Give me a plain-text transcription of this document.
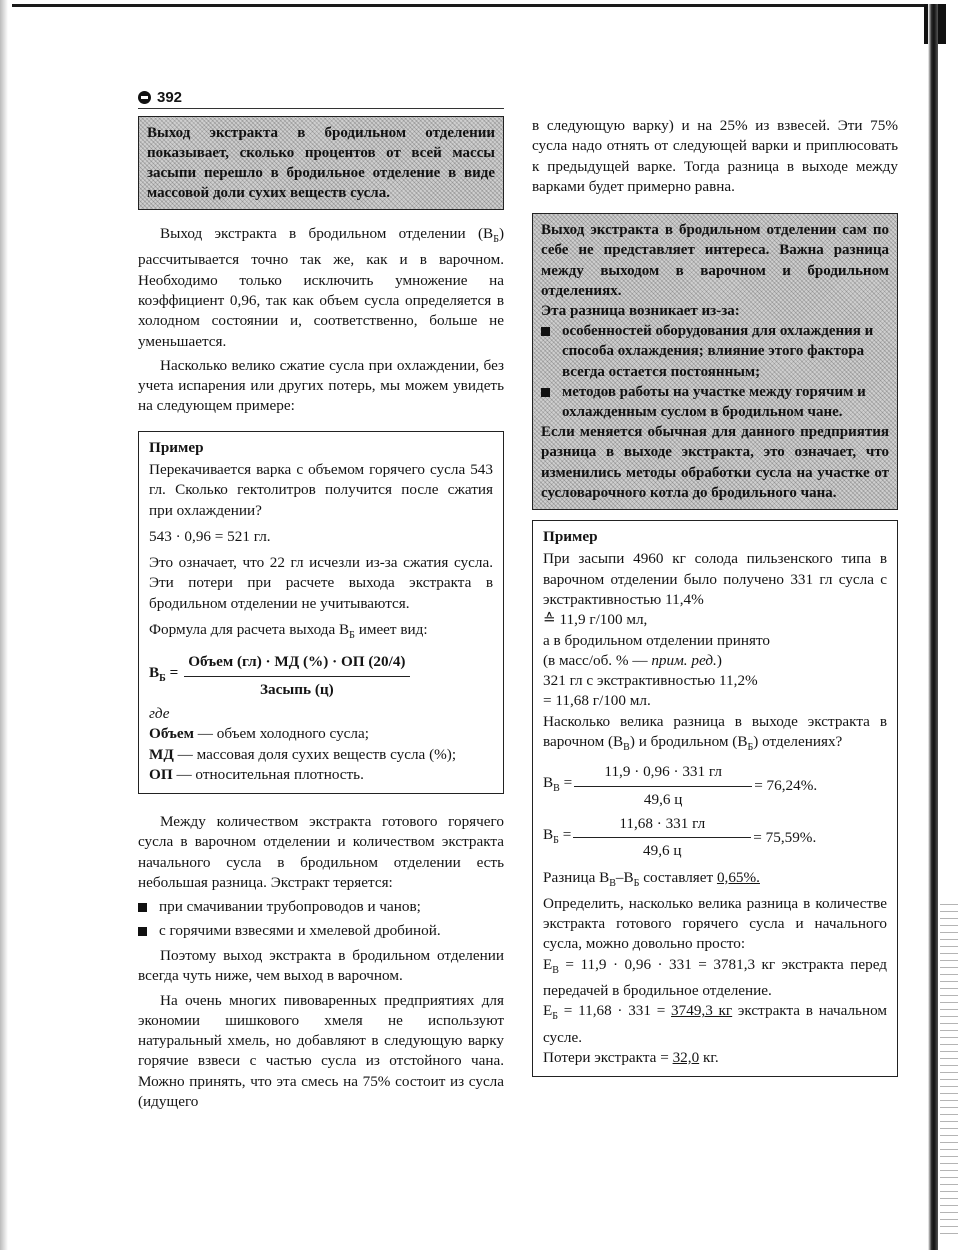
392

Выход экстракта в бродильном отделении показывает, сколько процентов от всей массы засыпи перешло в бродильное отделение в виде массовой доли сухих веществ сусла.

Выход экстракта в бродильном отделении $(В_Б)$ рассчитывается точно так же, как и в варочном. Необходимо только исключить умножение на коэффициент 0,96, так как объем сусла определяется в холодном состоянии и, соответственно, больше не уменьшается.

Насколько велико сжатие сусла при охлаждении, без учета испарения или других потерь, мы можем увидеть на следующем примере:

Пример

Перекачивается варка с объемом горячего сусла 543 гл. Сколько гектолитров получится после сжатия при охлаждении?

543 · 0,96 = 521 гл.

Это означает, что 22 гл исчезли из-за сжатия сусла. Эти потери при расчете выхода экстракта в бродильном отделении не учитываются.

Формула для расчета выхода $В_Б$ имеет вид:

$В_Б = \frac{\text{Объем (гл) · МД (\%) · ОП (20/4)}}{\text{Засыпь (ц)}}$

где

Объем — объем холодного сусла;

МД — массовая доля сухих веществ сусла (%);

ОП — относительная плотность.

Между количеством экстракта готового горячего сусла в варочном отделении и количеством экстракта начального сусла в бродильном отделении есть небольшая разница. Экстракт теряется:

при смачивании трубопроводов и чанов;
с горячими взвесями и хмелевой дробиной.

Поэтому выход экстракта в бродильном отделении всегда чуть ниже, чем выход в варочном.

На очень многих пивоваренных предприятиях для экономии шишкового хмеля не используют натуральный хмель, но добавляют в следующую варку горячие взвеси с частью сусла из отстойного чана. Можно принять, что эта смесь на 75% состоит из сусла (идущего

в следующую варку) и на 25% из взвесей. Эти 75% сусла надо отнять от следующей варки и приплюсовать к предыдущей варке. Тогда разница в выходе между варками будет примерно равна.

Выход экстракта в бродильном отделении сам по себе не представляет интереса. Важна разница между выходом в варочном и бродильном отделениях.

Эта разница возникает из-за:

особенностей оборудования для охлаждения и способа охлаждения; влияние этого фактора всегда остается постоянным;
методов работы на участке между горячим и охлажденным суслом в бродильном чане.

Если меняется обычная для данного предприятия разница в выходе экстракта, это означает, что изменились методы обработки сусла на участке от сусловарочного котла до бродильного чана.

Пример

При засыпи 4960 кг солода пильзенского типа в варочном отделении было получено 331 гл сусла с экстрактивностью 11,4%

≙ 11,9 г/100 мл,

а в бродильном отделении принято

(в масс/об. % — прим. ред.)

321 гл с экстрактивностью 11,2%

= 11,68 г/100 мл.

Насколько велика разница в выходе экстракта в варочном $(В_В)$ и бродильном $(В_Б)$ отделениях?

$В_В = \frac{11,9 \cdot 0,96 \cdot 331 гл}{49,6 ц} = 76,24\%$.
$В_Б = \frac{11,68 \cdot 331 гл}{49,6 ц} = 75,59\%$.

Разница $В_В-В_Б$ составляет 0,65%.

Определить, насколько велика разница в количестве экстракта готового горячего сусла и начального сусла, можно довольно просто:

$Е_В = 11,9 \cdot 0,96 \cdot 331 = 3781,3$ кг экстракта перед передачей в бродильное отделение.

$Е_Б = 11,68 \cdot 331 = 3749,3$ кг экстракта в начальном сусле.

Потери экстракта = 32,0 кг.
